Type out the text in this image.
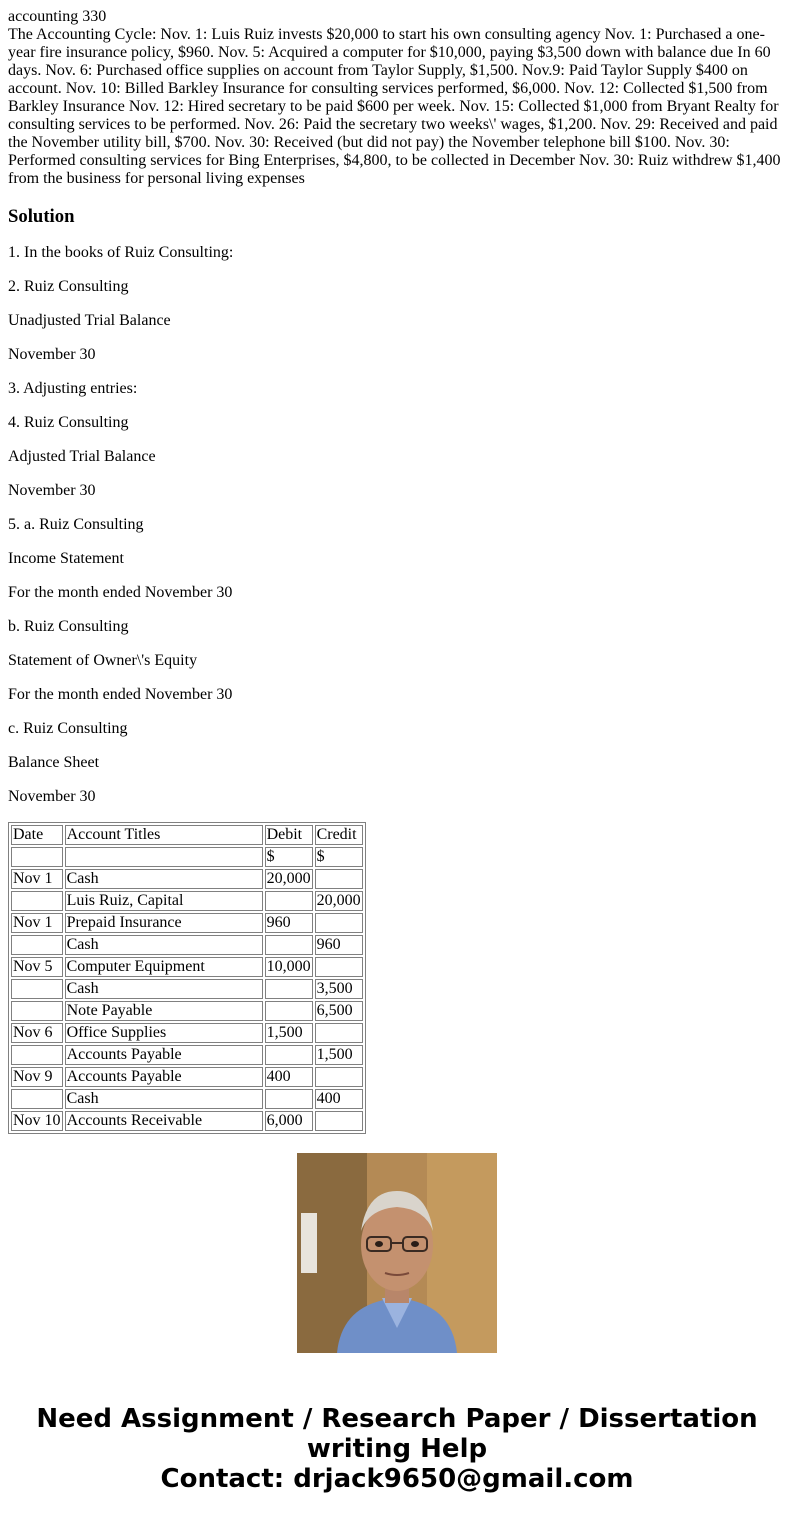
accounting 330

The Accounting Cycle: Nov. 1: Luis Ruiz invests $20,000 to start his own consulting agency Nov. 1: Purchased a one-year fire insurance policy, $960. Nov. 5: Acquired a computer for $10,000, paying $3,500 down with balance due In 60 days. Nov. 6: Purchased office supplies on account from Taylor Supply, $1,500. Nov.9: Paid Taylor Supply $400 on account. Nov. 10: Billed Barkley Insurance for consulting services performed, $6,000. Nov. 12: Collected $1,500 from Barkley Insurance Nov. 12: Hired secretary to be paid $600 per week. Nov. 15: Collected $1,000 from Bryant Realty for consulting services to be performed. Nov. 26: Paid the secretary two weeks\' wages, $1,200. Nov. 29: Received and paid the November utility bill, $700. Nov. 30: Received (but did not pay) the November telephone bill $100. Nov. 30: Performed consulting services for Bing Enterprises, $4,800, to be collected in December Nov. 30: Ruiz withdrew $1,400 from the business for personal living expenses

Solution

1. In the books of Ruiz Consulting:

2. Ruiz Consulting

Unadjusted Trial Balance

November 30

3. Adjusting entries:

4. Ruiz Consulting

Adjusted Trial Balance

November 30

5. a. Ruiz Consulting

Income Statement

For the month ended November 30

b. Ruiz Consulting

Statement of Owner\'s Equity

For the month ended November 30

c. Ruiz Consulting

Balance Sheet

November 30

Date	Account Titles	Debit	Credit
		$	$
Nov 1	Cash	20,000	
	Luis Ruiz, Capital		20,000
Nov 1	Prepaid Insurance	960	
	Cash		960
Nov 5	Computer Equipment	10,000	
	Cash		3,500
	Note Payable		6,500
Nov 6	Office Supplies	1,500	
	Accounts Payable		1,500
Nov 9	Accounts Payable	400	
	Cash		400
Nov 10	Accounts Receivable	6,000	
Need Assignment / Research Paper / Dissertation
writing Help
Contact: drjack9650@gmail.com
